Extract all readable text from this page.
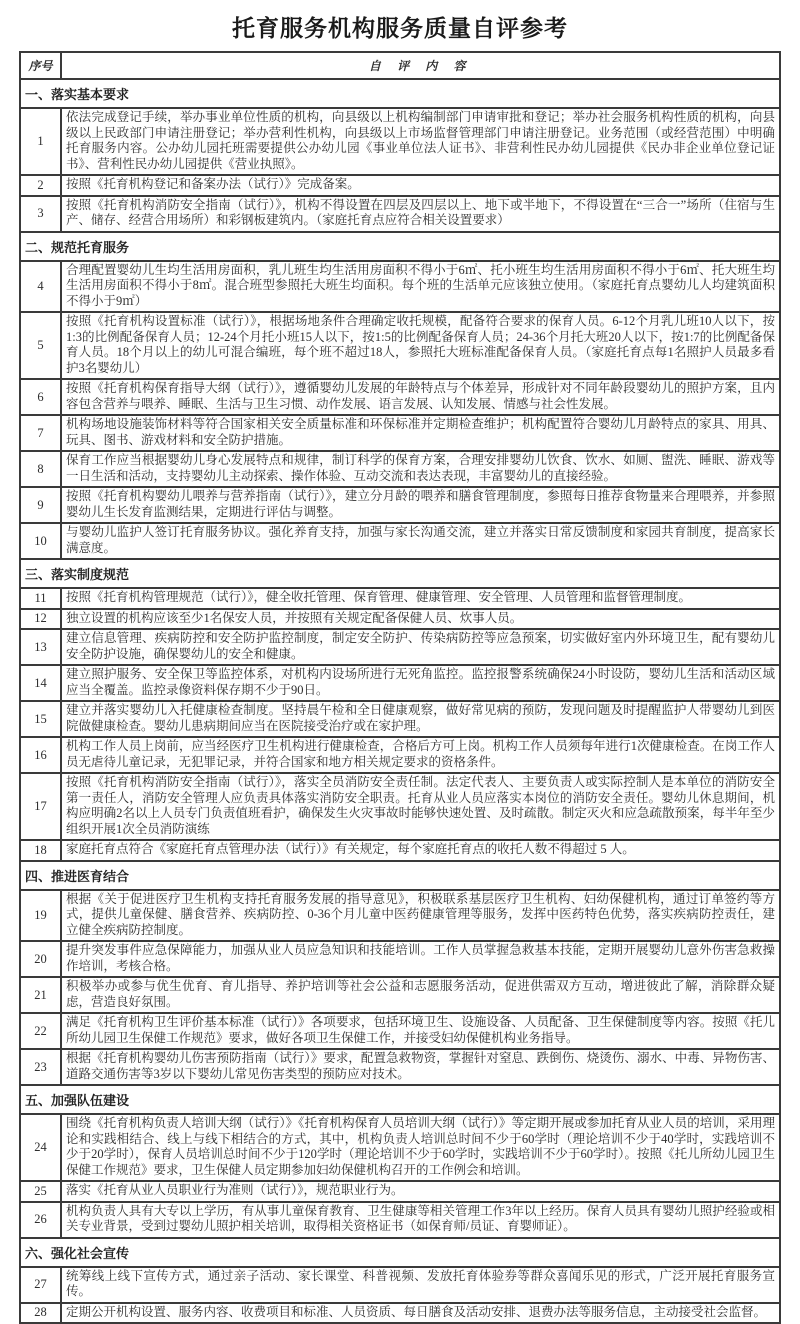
托育服务机构服务质量自评参考
序号	自 评 内 容
一、落实基本要求	
1	依法完成登记手续，举办事业单位性质的机构，向县级以上机构编制部门申请审批和登记；举办社会服务机构性质的机构，向县级以上民政部门申请注册登记；举办营利性机构，向县级以上市场监督管理部门申请注册登记。业务范围（或经营范围）中明确托育服务内容。公办幼儿园托班需要提供公办幼儿园《事业单位法人证书》、非营利性民办幼儿园提供《民办非企业单位登记证书》、营利性民办幼儿园提供《营业执照》。
2	按照《托育机构登记和备案办法（试行）》完成备案。
3	按照《托育机构消防安全指南（试行）》，机构不得设置在四层及四层以上、地下或半地下，不得设置在“三合一”场所（住宿与生产、储存、经营合用场所）和彩钢板建筑内。（家庭托育点应符合相关设置要求）
二、规范托育服务	
4	合理配置婴幼儿生均生活用房面积，乳儿班生均生活用房面积不得小于6㎡、托小班生均生活用房面积不得小于6㎡、托大班生均生活用房面积不得小于8㎡。混合班型参照托大班生均面积。每个班的生活单元应该独立使用。（家庭托育点婴幼儿人均建筑面积不得小于9㎡）
5	按照《托育机构设置标准（试行）》，根据场地条件合理确定收托规模，配备符合要求的保育人员。6-12个月乳儿班10人以下，按1:3的比例配备保育人员；12-24个月托小班15人以下，按1:5的比例配备保育人员；24-36个月托大班20人以下，按1:7的比例配备保育人员。18个月以上的幼儿可混合编班，每个班不超过18人，参照托大班标准配备保育人员。（家庭托育点每1名照护人员最多看护3名婴幼儿）
6	按照《托育机构保育指导大纲（试行）》，遵循婴幼儿发展的年龄特点与个体差异，形成针对不同年龄段婴幼儿的照护方案，且内容包含营养与喂养、睡眠、生活与卫生习惯、动作发展、语言发展、认知发展、情感与社会性发展。
7	机构场地设施装饰材料等符合国家相关安全质量标准和环保标准并定期检查维护；机构配置符合婴幼儿月龄特点的家具、用具、玩具、图书、游戏材料和安全防护措施。
8	保育工作应当根据婴幼儿身心发展特点和规律，制订科学的保育方案，合理安排婴幼儿饮食、饮水、如厕、盥洗、睡眠、游戏等一日生活和活动，支持婴幼儿主动探索、操作体验、互动交流和表达表现，丰富婴幼儿的直接经验。
9	按照《托育机构婴幼儿喂养与营养指南（试行）》，建立分月龄的喂养和膳食管理制度，参照每日推荐食物量来合理喂养，并参照婴幼儿生长发育监测结果，定期进行评估与调整。
10	与婴幼儿监护人签订托育服务协议。强化养育支持，加强与家长沟通交流，建立并落实日常反馈制度和家园共育制度，提高家长满意度。
三、落实制度规范	
11	按照《托育机构管理规范（试行）》，健全收托管理、保育管理、健康管理、安全管理、人员管理和监督管理制度。
12	独立设置的机构应该至少1名保安人员，并按照有关规定配备保健人员、炊事人员。
13	建立信息管理、疾病防控和安全防护监控制度，制定安全防护、传染病防控等应急预案，切实做好室内外环境卫生，配有婴幼儿安全防护设施，确保婴幼儿的安全和健康。
14	建立照护服务、安全保卫等监控体系，对机构内设场所进行无死角监控。监控报警系统确保24小时设防，婴幼儿生活和活动区域应当全覆盖。监控录像资料保存期不少于90日。
15	建立并落实婴幼儿入托健康检查制度。坚持晨午检和全日健康观察，做好常见病的预防，发现问题及时提醒监护人带婴幼儿到医院做健康检查。婴幼儿患病期间应当在医院接受治疗或在家护理。
16	机构工作人员上岗前，应当经医疗卫生机构进行健康检查，合格后方可上岗。机构工作人员须每年进行1次健康检查。在岗工作人员无虐待儿童记录，无犯罪记录，并符合国家和地方相关规定要求的资格条件。
17	按照《托育机构消防安全指南（试行）》，落实全员消防安全责任制。法定代表人、主要负责人或实际控制人是本单位的消防安全第一责任人，消防安全管理人应负责具体落实消防安全职责。托育从业人员应落实本岗位的消防安全责任。婴幼儿休息期间，机构应明确2名以上人员专门负责值班看护，确保发生火灾事故时能够快速处置、及时疏散。制定灭火和应急疏散预案，每半年至少组织开展1次全员消防演练
18	家庭托育点符合《家庭托育点管理办法（试行）》有关规定，每个家庭托育点的收托人数不得超过 5 人。
四、推进医育结合	
19	根据《关于促进医疗卫生机构支持托育服务发展的指导意见》，积极联系基层医疗卫生机构、妇幼保健机构，通过订单签约等方式，提供儿童保健、膳食营养、疾病防控、0-36个月儿童中医药健康管理等服务，发挥中医药特色优势，落实疾病防控责任，建立健全疾病防控制度。
20	提升突发事件应急保障能力，加强从业人员应急知识和技能培训。工作人员掌握急救基本技能，定期开展婴幼儿意外伤害急救操作培训，考核合格。
21	积极举办或参与优生优育、育儿指导、养护培训等社会公益和志愿服务活动，促进供需双方互动，增进彼此了解，消除群众疑虑，营造良好氛围。
22	满足《托育机构卫生评价基本标准（试行）》各项要求，包括环境卫生、设施设备、人员配备、卫生保健制度等内容。按照《托儿所幼儿园卫生保健工作规范》要求，做好各项卫生保健工作，并接受妇幼保健机构业务指导。
23	根据《托育机构婴幼儿伤害预防指南（试行）》要求，配置急救物资，掌握针对窒息、跌倒伤、烧烫伤、溺水、中毒、异物伤害、道路交通伤害等3岁以下婴幼儿常见伤害类型的预防应对技术。
五、加强队伍建设	
24	围绕《托育机构负责人培训大纲（试行）》《托育机构保育人员培训大纲（试行）》等定期开展或参加托育从业人员的培训，采用理论和实践相结合、线上与线下相结合的方式，其中，机构负责人培训总时间不少于60学时（理论培训不少于40学时，实践培训不少于20学时），保育人员培训总时间不少于120学时（理论培训不少于60学时，实践培训不少于60学时）。按照《托儿所幼儿园卫生保健工作规范》要求，卫生保健人员定期参加妇幼保健机构召开的工作例会和培训。
25	落实《托育从业人员职业行为准则（试行）》，规范职业行为。
26	机构负责人具有大专以上学历，有从事儿童保育教育、卫生健康等相关管理工作3年以上经历。保育人员具有婴幼儿照护经验或相关专业背景，受到过婴幼儿照护相关培训，取得相关资格证书（如保育师/员证、育婴师证）。
六、强化社会宣传	
27	统筹线上线下宣传方式，通过亲子活动、家长课堂、科普视频、发放托育体验券等群众喜闻乐见的形式，广泛开展托育服务宣传。
28	定期公开机构设置、服务内容、收费项目和标准、人员资质、每日膳食及活动安排、退费办法等服务信息，主动接受社会监督。
